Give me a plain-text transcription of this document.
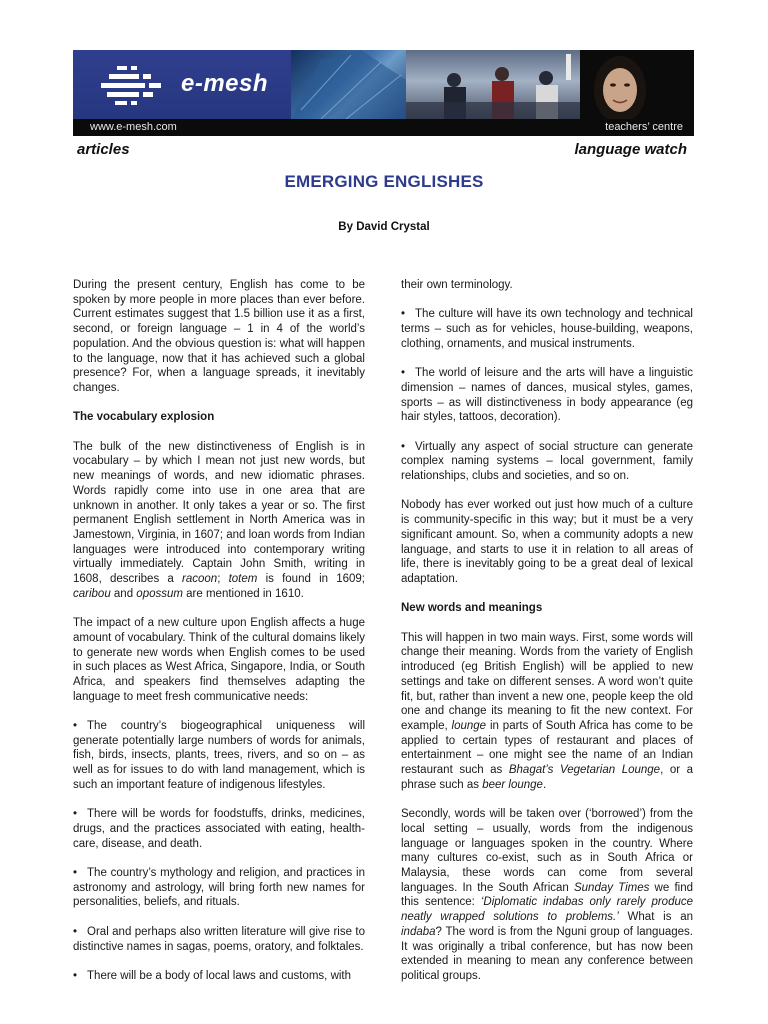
e-mesh
www.e-mesh.com	teachers’ centre
articles	language watch
EMERGING ENGLISHES
By David Crystal

During the present century, English has come to be spoken by more people in more places than ever before. Current estimates suggest that 1.5 billion use it as a first, second, or foreign language – 1 in 4 of the world’s population. And the obvious question is: what will happen to the language, now that it has achieved such a global presence? For, when a language spreads, it inevitably changes.

The vocabulary explosion

The bulk of the new distinctiveness of English is in vocabulary – by which I mean not just new words, but new meanings of words, and new idiomatic phrases. Words rapidly come into use in one area that are unknown in another. It only takes a year or so. The first permanent English settlement in North America was in Jamestown, Virginia, in 1607; and loan words from Indian languages were introduced into contemporary writing virtually immediately. Captain John Smith, writing in 1608, describes a racoon; totem is found in 1609; caribou and opossum are mentioned in 1610.

The impact of a new culture upon English affects a huge amount of vocabulary. Think of the cultural domains likely to generate new words when English comes to be used in such places as West Africa, Singapore, India, or South Africa, and speakers find themselves adapting the language to meet fresh communicative needs:

• The country’s biogeographical uniqueness will generate potentially large numbers of words for animals, fish, birds, insects, plants, trees, rivers, and so on – as well as for issues to do with land management, which is such an important feature of indigenous lifestyles.

• There will be words for foodstuffs, drinks, medicines, drugs, and the practices associated with eating, health-care, disease, and death.

• The country’s mythology and religion, and practices in astronomy and astrology, will bring forth new names for personalities, beliefs, and rituals.

• Oral and perhaps also written literature will give rise to distinctive names in sagas, poems, oratory, and folktales.

• There will be a body of local laws and customs, with

their own terminology.

• The culture will have its own technology and technical terms – such as for vehicles, house-building, weapons, clothing, ornaments, and musical instruments.

• The world of leisure and the arts will have a linguistic dimension – names of dances, musical styles, games, sports – as will distinctiveness in body appearance (eg hair styles, tattoos, decoration).

• Virtually any aspect of social structure can generate complex naming systems – local government, family relationships, clubs and societies, and so on.

Nobody has ever worked out just how much of a culture is community-specific in this way; but it must be a very significant amount. So, when a community adopts a new language, and starts to use it in relation to all areas of life, there is inevitably going to be a great deal of lexical adaptation.

New words and meanings

This will happen in two main ways. First, some words will change their meaning. Words from the variety of English introduced (eg British English) will be applied to new settings and take on different senses. A word won’t quite fit, but, rather than invent a new one, people keep the old one and change its meaning to fit the new context. For example, lounge in parts of South Africa has come to be applied to certain types of restaurant and places of entertainment – one might see the name of an Indian restaurant such as Bhagat’s Vegetarian Lounge, or a phrase such as beer lounge.

Secondly, words will be taken over (‘borrowed’) from the local setting – usually, words from the indigenous language or languages spoken in the country. Where many cultures co-exist, such as in South Africa or Malaysia, these words can come from several languages. In the South African Sunday Times we find this sentence: ‘Diplomatic indabas only rarely produce neatly wrapped solutions to problems.’ What is an indaba? The word is from the Nguni group of languages. It was originally a tribal conference, but has now been extended in meaning to mean any conference between political groups.
